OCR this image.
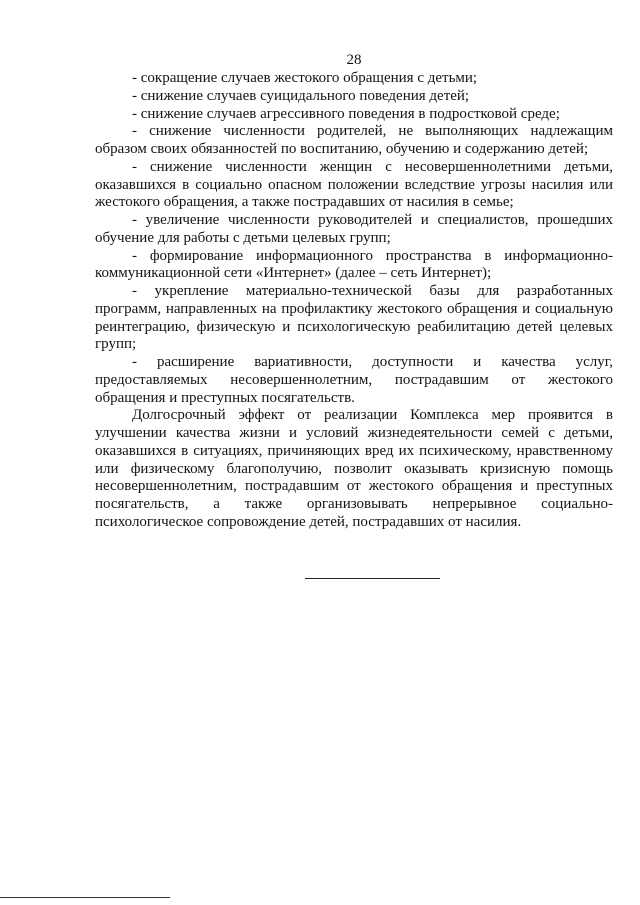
28
- сокращение случаев жестокого обращения с детьми;
- снижение случаев суицидального поведения детей;
- снижение случаев агрессивного поведения в подростковой среде;
- снижение численности родителей, не выполняющих надлежащим
образом своих обязанностей по воспитанию, обучению и содержанию детей;
- снижение численности женщин с несовершеннолетними детьми,
оказавшихся в социально опасном положении вследствие угрозы насилия или
жестокого обращения, а также пострадавших от насилия в семье;
- увеличение численности руководителей и специалистов, прошедших
обучение для работы с детьми целевых групп;
- формирование информационного пространства в информационно-
коммуникационной сети «Интернет» (далее – сеть Интернет);
- укрепление материально-технической базы для разработанных
программ, направленных на профилактику жестокого обращения и социальную
реинтеграцию, физическую и психологическую реабилитацию детей целевых
групп;
- расширение вариативности, доступности и качества услуг,
предоставляемых несовершеннолетним, пострадавшим от жестокого
обращения и преступных посягательств.
Долгосрочный эффект от реализации Комплекса мер проявится в
улучшении качества жизни и условий жизнедеятельности семей с детьми,
оказавшихся в ситуациях, причиняющих вред их психическому, нравственному
или физическому благополучию, позволит оказывать кризисную помощь
несовершеннолетним, пострадавшим от жестокого обращения и преступных
посягательств, а также организовывать непрерывное социально-
психологическое сопровождение детей, пострадавших от насилия.
